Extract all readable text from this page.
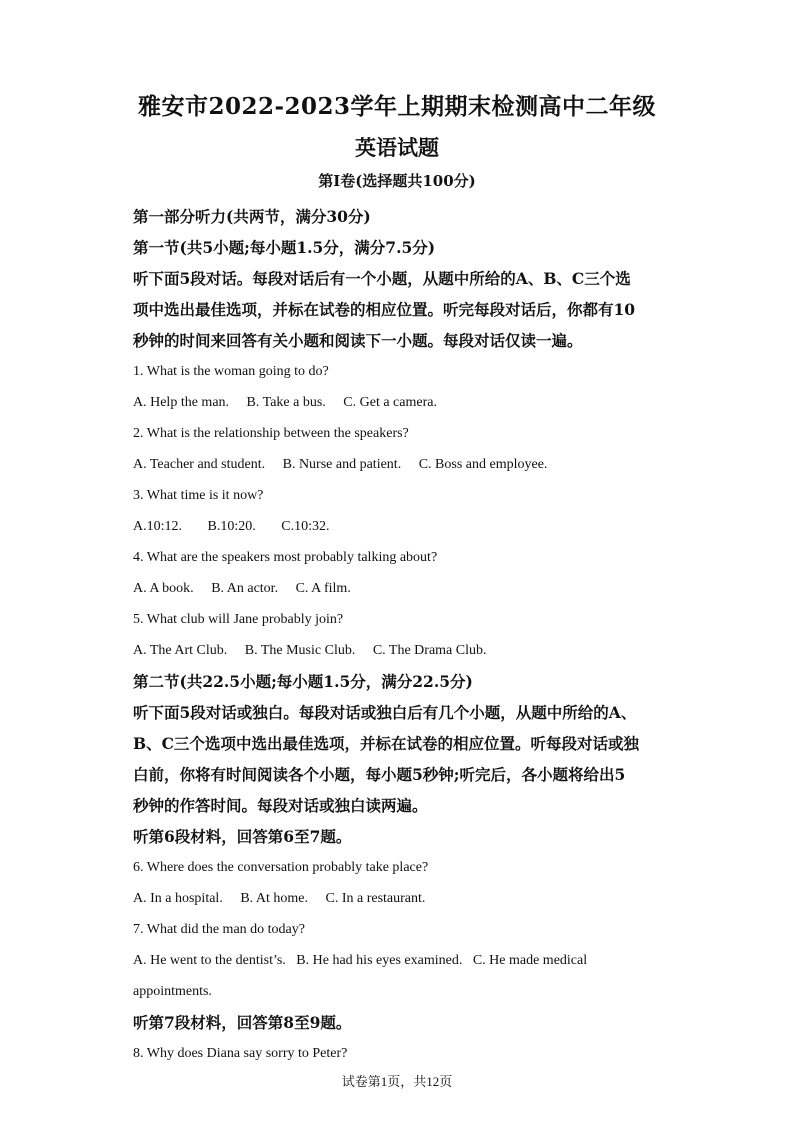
雅安市2022-2023学年上期期末检测高中二年级
英语试题
第Ⅰ卷(选择题共100分)

第一部分听力(共两节，满分30分)

第一节(共5小题;每小题1.5分，满分7.5分)

听下面5段对话。每段对话后有一个小题，从题中所给的A、B、C三个选

项中选出最佳选项，并标在试卷的相应位置。听完每段对话后，你都有10

秒钟的时间来回答有关小题和阅读下一小题。每段对话仅读一遍。

1. What is the woman going to do?

A. Help the man. B. Take a bus. C. Get a camera.

2. What is the relationship between the speakers?

A. Teacher and student. B. Nurse and patient. C. Boss and employee.

3. What time is it now?

A.10:12. B.10:20. C.10:32.

4. What are the speakers most probably talking about?

A. A book. B. An actor. C. A film.

5. What club will Jane probably join?

A. The Art Club. B. The Music Club. C. The Drama Club.

第二节(共22.5小题;每小题1.5分，满分22.5分)

听下面5段对话或独白。每段对话或独白后有几个小题，从题中所给的A、

B、C三个选项中选出最佳选项，并标在试卷的相应位置。听每段对话或独

白前，你将有时间阅读各个小题，每小题5秒钟;听完后，各小题将给出5

秒钟的作答时间。每段对话或独白读两遍。

听第6段材料，回答第6至7题。

6. Where does the conversation probably take place?

A. In a hospital. B. At home. C. In a restaurant.

7. What did the man do today?

A. He went to the dentist’s.   B. He had his eyes examined.   C. He made medical

appointments.

听第7段材料，回答第8至9题。

8. Why does Diana say sorry to Peter?

试卷第1页，共12页
